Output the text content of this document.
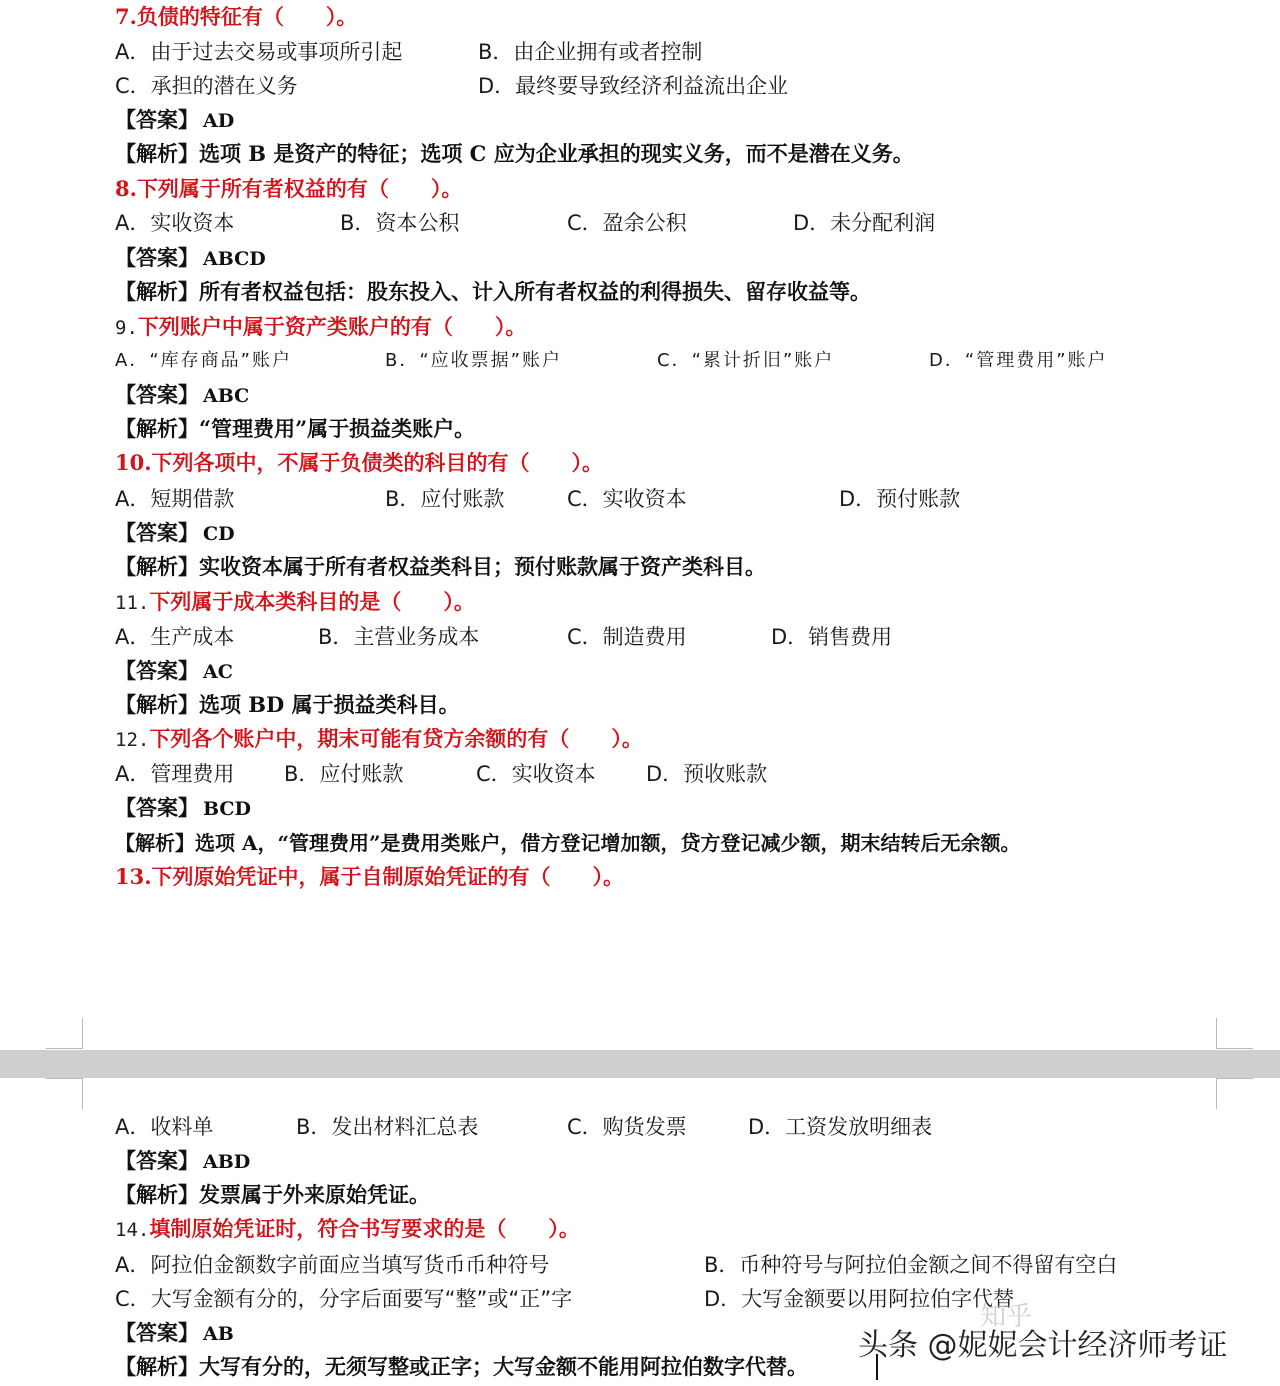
7.负债的特征有（　　）。
A．由于过去交易或事项所引起	B．由企业拥有或者控制
C．承担的潜在义务	D．最终要导致经济利益流出企业
【答案】 AD
【解析】选项 B 是资产的特征；选项 C 应为企业承担的现实义务，而不是潜在义务。
8.下列属于所有者权益的有（　　）。
A．实收资本	B．资本公积	C．盈余公积	D．未分配利润
【答案】 ABCD
【解析】所有者权益包括：股东投入、计入所有者权益的利得损失、留存收益等。
9.下列账户中属于资产类账户的有（　　）。
A．“库存商品”账户	B．“应收票据”账户	C．“累计折旧”账户	D．“管理费用”账户
【答案】 ABC
【解析】“管理费用”属于损益类账户。
10.下列各项中，不属于负债类的科目的有（　　）。
A．短期借款	B．应付账款	C．实收资本	D．预付账款
【答案】 CD
【解析】实收资本属于所有者权益类科目；预付账款属于资产类科目。
11.下列属于成本类科目的是（　　）。
A．生产成本	B．主营业务成本	C．制造费用	D．销售费用
【答案】 AC
【解析】选项 BD 属于损益类科目。
12.下列各个账户中，期末可能有贷方余额的有（　　）。
A．管理费用 B．应付账款	C．实收资本 D．预收账款
【答案】 BCD
【解析】选项 A，“管理费用”是费用类账户，借方登记增加额，贷方登记减少额，期末结转后无余额。
13.下列原始凭证中，属于自制原始凭证的有（　　）。
A．收料单	B．发出材料汇总表	C．购货发票	D．工资发放明细表
【答案】 ABD
【解析】发票属于外来原始凭证。
14.填制原始凭证时，符合书写要求的是（　　）。
A．阿拉伯金额数字前面应当填写货币币种符号	B．币种符号与阿拉伯金额之间不得留有空白
C．大写金额有分的，分字后面要写“整”或“正”字	D．大写金额要以用阿拉伯字代替
【答案】 AB
【解析】大写有分的，无须写整或正字；大写金额不能用阿拉伯数字代替。
知乎
头条 @妮妮会计经济师考证
